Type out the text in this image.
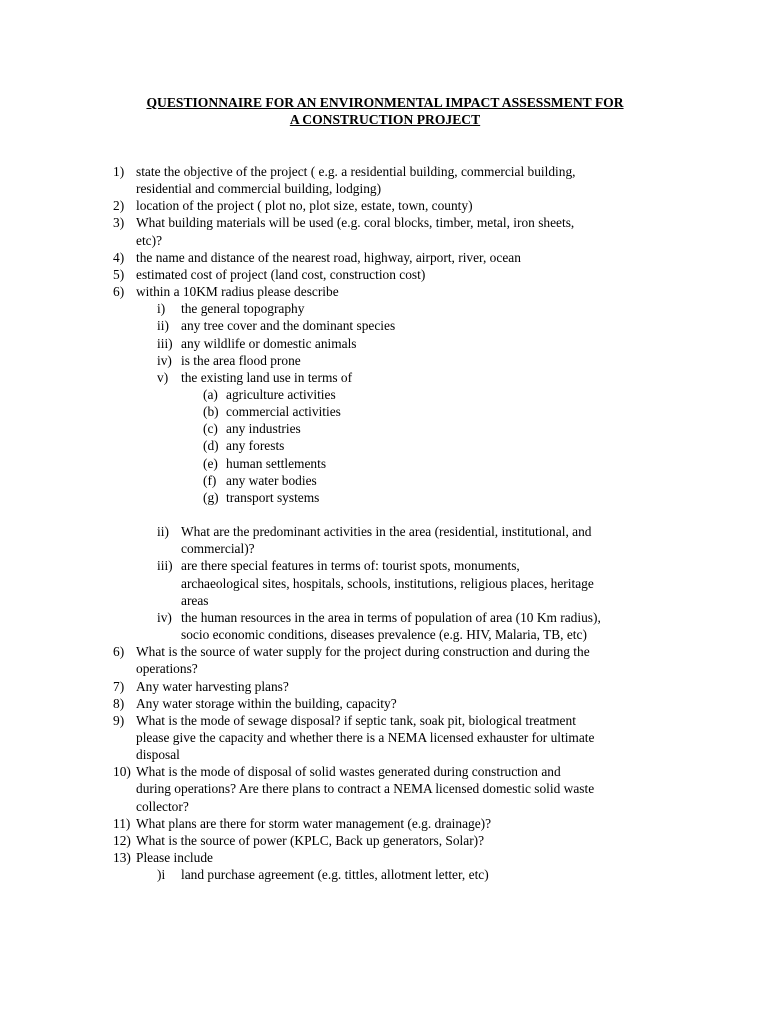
QUESTIONNAIRE FOR AN ENVIRONMENTAL IMPACT ASSESSMENT FOR

A CONSTRUCTION PROJECT

1) state the objective of the project ( e.g. a residential building, commercial building,
residential and commercial building, lodging)
2) location of the project ( plot no, plot size, estate, town, county)
3) What building materials will be used (e.g. coral blocks, timber, metal, iron sheets,
etc)?
4) the name and distance of the nearest road, highway, airport, river, ocean
5) estimated cost of project (land cost, construction cost)
6) within a 10KM radius please describe
i) the general topography
ii) any tree cover and the dominant species
iii) any wildlife or domestic animals
iv) is the area flood prone
v) the existing land use in terms of
(a) agriculture activities
(b) commercial activities
(c) any industries
(d) any forests
(e) human settlements
(f) any water bodies
(g) transport systems
ii) What are the predominant activities in the area (residential, institutional, and
commercial)?
iii) are there special features in terms of: tourist spots, monuments,
archaeological sites, hospitals, schools, institutions, religious places, heritage
areas
iv) the human resources in the area in terms of population of area (10 Km radius),
socio economic conditions, diseases prevalence (e.g. HIV, Malaria, TB, etc)
6) What is the source of water supply for the project during construction and during the
operations?
7) Any water harvesting plans?
8) Any water storage within the building, capacity?
9) What is the mode of sewage disposal? if septic tank, soak pit, biological treatment
please give the capacity and whether there is a NEMA licensed exhauster for ultimate
disposal
10) What is the mode of disposal of solid wastes generated during construction and
during operations? Are there plans to contract a NEMA licensed domestic solid waste
collector?
11) What plans are there for storm water management (e.g. drainage)?
12) What is the source of power (KPLC, Back up generators, Solar)?
13) Please include
)i land purchase agreement (e.g. tittles, allotment letter, etc)
